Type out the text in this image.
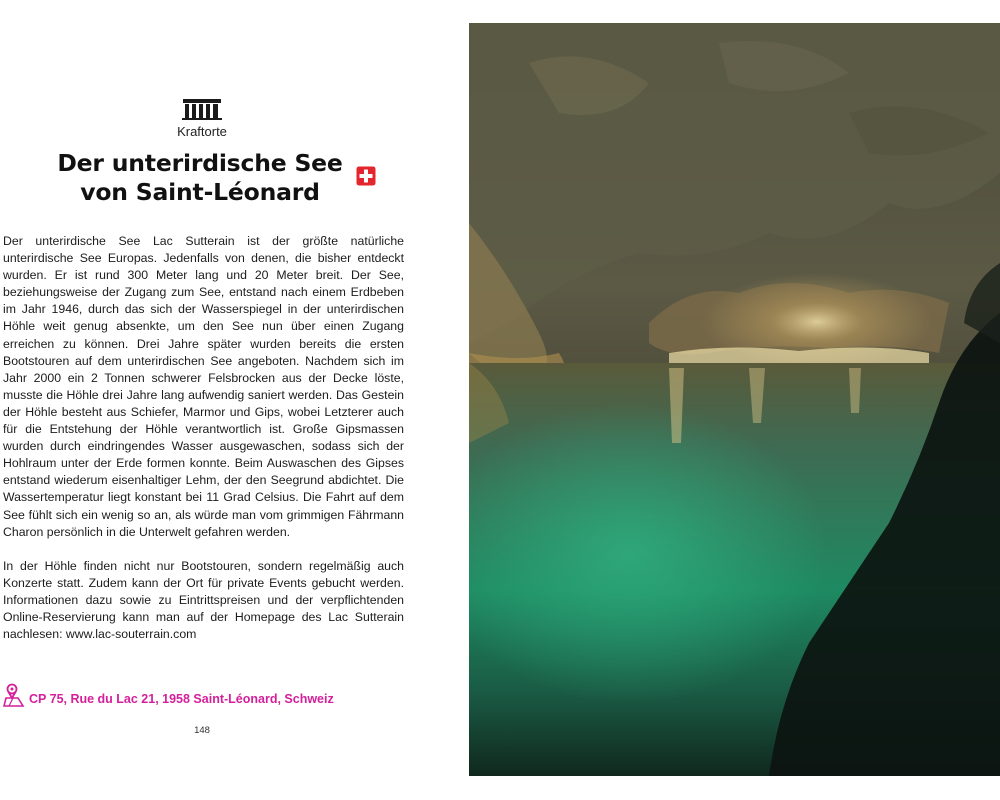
Kraftorte
Der unterirdische See
von Saint-Léonard

Der unterirdische See Lac Sutterain ist der größte natürliche unterirdische See Europas. Jedenfalls von denen, die bisher entdeckt wurden. Er ist rund 300 Meter lang und 20 Meter breit. Der See, beziehungsweise der Zugang zum See, entstand nach einem Erdbeben im Jahr 1946, durch das sich der Wasserspiegel in der unterirdischen Höhle weit genug absenkte, um den See nun über einen Zugang erreichen zu können. Drei Jahre später wurden bereits die ersten Bootstouren auf dem unterirdischen See angeboten. Nachdem sich im Jahr 2000 ein 2 Tonnen schwerer Felsbrocken aus der Decke löste, musste die Höhle drei Jahre lang aufwendig saniert werden. Das Gestein der Höhle besteht aus Schiefer, Marmor und Gips, wobei Letzterer auch für die Entstehung der Höhle verantwortlich ist. Große Gipsmassen wurden durch eindringendes Wasser ausgewaschen, sodass sich der Hohlraum unter der Erde formen konnte. Beim Auswaschen des Gipses entstand wiederum eisenhaltiger Lehm, der den Seegrund abdichtet. Die Wassertemperatur liegt konstant bei 11 Grad Celsius. Die Fahrt auf dem See fühlt sich ein wenig so an, als würde man vom grimmigen Fährmann Charon persönlich in die Unterwelt gefahren werden.

In der Höhle finden nicht nur Bootstouren, sondern regelmäßig auch Konzerte statt. Zudem kann der Ort für private Events gebucht werden. Informationen dazu sowie zu Eintrittspreisen und der verpflichtenden Online-Reservierung kann man auf der Homepage des Lac Sutterain nachlesen: www.lac-souterrain.com

CP 75, Rue du Lac 21, 1958 Saint-Léonard, Schweiz
148
